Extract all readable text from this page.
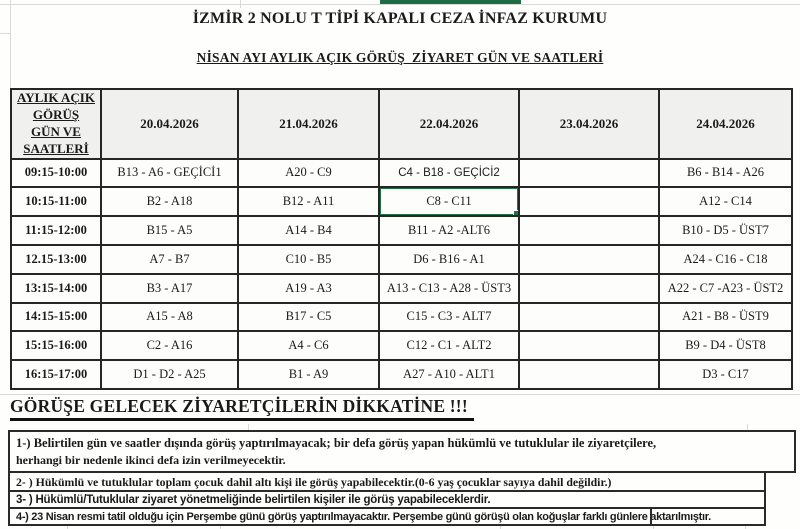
İZMİR 2 NOLU T TİPİ KAPALI CEZA İNFAZ KURUMU
NİSAN AYI AYLIK AÇIK GÖRÜŞ  ZİYARET GÜN VE SAATLERİ
AYLIK AÇIK GÖRÜŞ
GÜN VE SAATLERİ	20.04.2026	21.04.2026	22.04.2026	23.04.2026	24.04.2026
09:15-10:00	B13 - A6 - GEÇİCİ1	A20 - C9	C4 - B18 - GEÇİCİ2		B6 - B14 - A26
10:15-11:00	B2 - A18	B12 - A11	C8 - C11		A12 - C14
11:15-12:00	B15 - A5	A14 - B4	B11 - A2 -ALT6		B10 - D5 - ÜST7
12.15-13:00	A7 - B7	C10 - B5	D6 - B16 - A1		A24 - C16 - C18
13:15-14:00	B3 - A17	A19 - A3	A13 - C13 - A28 - ÜST3		A22 - C7 -A23 - ÜST2
14:15-15:00	A15 - A8	B17 - C5	C15 - C3 - ALT7		A21 - B8 - ÜST9
15:15-16:00	C2 - A16	A4 - C6	C12 - C1 - ALT2		B9 - D4 - ÜST8
16:15-17:00	D1 - D2 - A25	B1 - A9	A27 - A10 - ALT1		D3 - C17
GÖRÜŞE GELECEK ZİYARETÇİLERİN DİKKATİNE !!!
1-) Belirtilen gün ve saatler dışında görüş yaptırılmayacak; bir defa görüş yapan hükümlü ve tutuklular ile ziyaretçilere,
herhangi bir nedenle ikinci defa izin verilmeyecektir.
2- ) Hükümlü ve tutuklular toplam çocuk dahil altı kişi ile görüş yapabilecektir.(0-6 yaş çocuklar sayıya dahil değildir.)
3- ) Hükümlü/Tutuklular ziyaret yönetmeliğinde belirtilen kişiler ile görüş yapabileceklerdir.
4-) 23 Nisan resmi tatil olduğu için Perşembe günü görüş yaptırılmayacaktır. Perşembe günü görüşü olan koğuşlar farklı günlere aktarılmıştır.
